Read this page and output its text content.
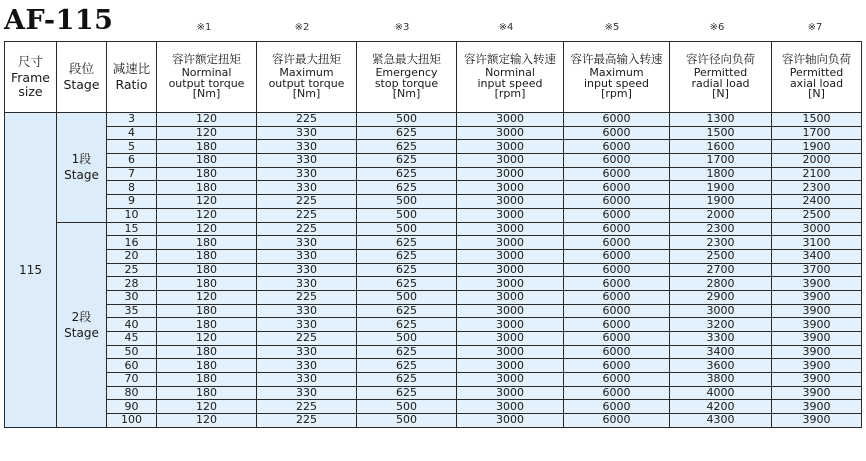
AF-115	※1	※2	※3	※4	※5	※6	※7
尺寸
Frame
size	段位
Stage	减速比
Ratio	容许额定扭矩
Norminal
output torque
[Nm]	容许最大扭矩
Maximum
output torque
[Nm]	紧急最大扭矩
Emergency
stop torque
[Nm]	容许额定输入转速
Norminal
input speed
[rpm]	容许最高输入转速
Maximum
input speed
[rpm]	容许径向负荷
Permitted
radial load
[N]	容许轴向负荷
Permitted
axial load
[N]

115	1段
Stage	3	120	225	500	3000	6000	1300	1500
		4	120	330	625	3000	6000	1500	1700
		5	180	330	625	3000	6000	1600	1900
		6	180	330	625	3000	6000	1700	2000
		7	180	330	625	3000	6000	1800	2100
		8	180	330	625	3000	6000	1900	2300
		9	120	225	500	3000	6000	1900	2400
		10	120	225	500	3000	6000	2000	2500

	2段
Stage	15	120	225	500	3000	6000	2300	3000
		16	180	330	625	3000	6000	2300	3100
		20	180	330	625	3000	6000	2500	3400
		25	180	330	625	3000	6000	2700	3700
		28	180	330	625	3000	6000	2800	3900
		30	120	225	500	3000	6000	2900	3900
		35	180	330	625	3000	6000	3000	3900
		40	180	330	625	3000	6000	3200	3900
		45	120	225	500	3000	6000	3300	3900
		50	180	330	625	3000	6000	3400	3900
		60	180	330	625	3000	6000	3600	3900
		70	180	330	625	3000	6000	3800	3900
		80	180	330	625	3000	6000	4000	3900
		90	120	225	500	3000	6000	4200	3900
		100	120	225	500	3000	6000	4300	3900
